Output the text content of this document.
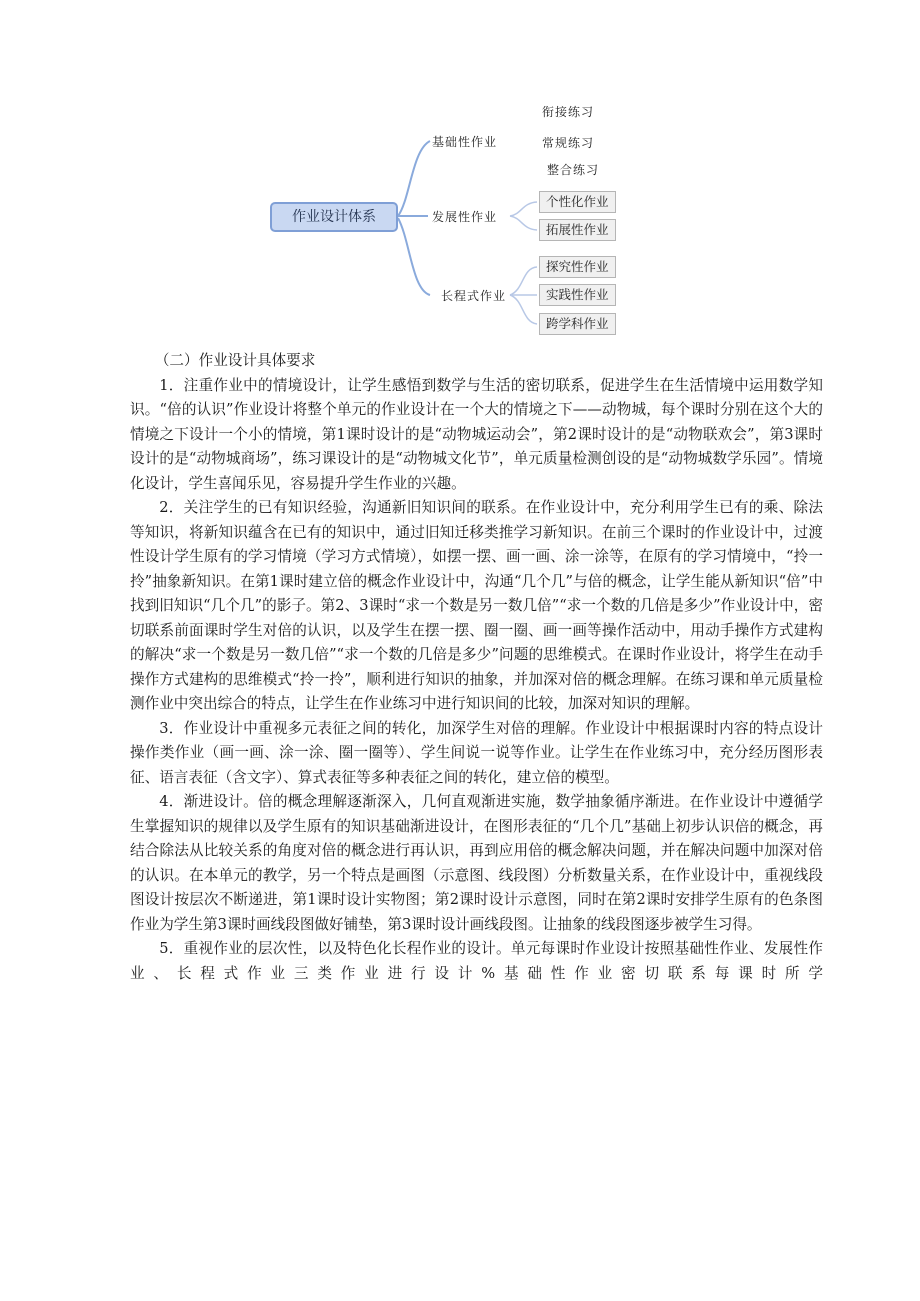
作业设计体系
基础性作业
发展性作业
长程式作业
衔接练习
常规练习
整合练习
个性化作业
拓展性作业
探究性作业
实践性作业
跨学科作业

（二）作业设计具体要求

1．注重作业中的情境设计，让学生感悟到数学与生活的密切联系，促进学生在生活情境中运用数学知识。“倍的认识”作业设计将整个单元的作业设计在一个大的情境之下——动物城，每个课时分别在这个大的情境之下设计一个小的情境，第1课时设计的是“动物城运动会”，第2课时设计的是“动物联欢会”，第3课时设计的是“动物城商场”，练习课设计的是“动物城文化节”，单元质量检测创设的是“动物城数学乐园”。情境化设计，学生喜闻乐见，容易提升学生作业的兴趣。

2．关注学生的已有知识经验，沟通新旧知识间的联系。在作业设计中，充分利用学生已有的乘、除法等知识，将新知识蕴含在已有的知识中，通过旧知迁移类推学习新知识。在前三个课时的作业设计中，过渡性设计学生原有的学习情境（学习方式情境），如摆一摆、画一画、涂一涂等，在原有的学习情境中，“拎一拎”抽象新知识。在第1课时建立倍的概念作业设计中，沟通“几个几”与倍的概念，让学生能从新知识“倍”中找到旧知识“几个几”的影子。第2、3课时“求一个数是另一数几倍”“求一个数的几倍是多少”作业设计中，密切联系前面课时学生对倍的认识，以及学生在摆一摆、圈一圈、画一画等操作活动中，用动手操作方式建构的解决“求一个数是另一数几倍”“求一个数的几倍是多少”问题的思维模式。在课时作业设计，将学生在动手操作方式建构的思维模式“拎一拎”，顺利进行知识的抽象，并加深对倍的概念理解。在练习课和单元质量检测作业中突出综合的特点，让学生在作业练习中进行知识间的比较，加深对知识的理解。

3．作业设计中重视多元表征之间的转化，加深学生对倍的理解。作业设计中根据课时内容的特点设计操作类作业（画一画、涂一涂、圈一圈等）、学生间说一说等作业。让学生在作业练习中，充分经历图形表征、语言表征（含文字）、算式表征等多种表征之间的转化，建立倍的模型。

4．渐进设计。倍的概念理解逐渐深入，几何直观渐进实施，数学抽象循序渐进。在作业设计中遵循学生掌握知识的规律以及学生原有的知识基础渐进设计，在图形表征的“几个几”基础上初步认识倍的概念，再结合除法从比较关系的角度对倍的概念进行再认识，再到应用倍的概念解决问题，并在解决问题中加深对倍的认识。在本单元的教学，另一个特点是画图（示意图、线段图）分析数量关系，在作业设计中，重视线段图设计按层次不断递进，第1课时设计实物图；第2课时设计示意图，同时在第2课时安排学生原有的色条图作业为学生第3课时画线段图做好铺垫，第3课时设计画线段图。让抽象的线段图逐步被学生习得。

5．重视作业的层次性，以及特色化长程作业的设计。单元每课时作业设计按照基础性作业、发展性作业、长程式作业三类作业进行设计%基础性作业密切联系每课时所学
